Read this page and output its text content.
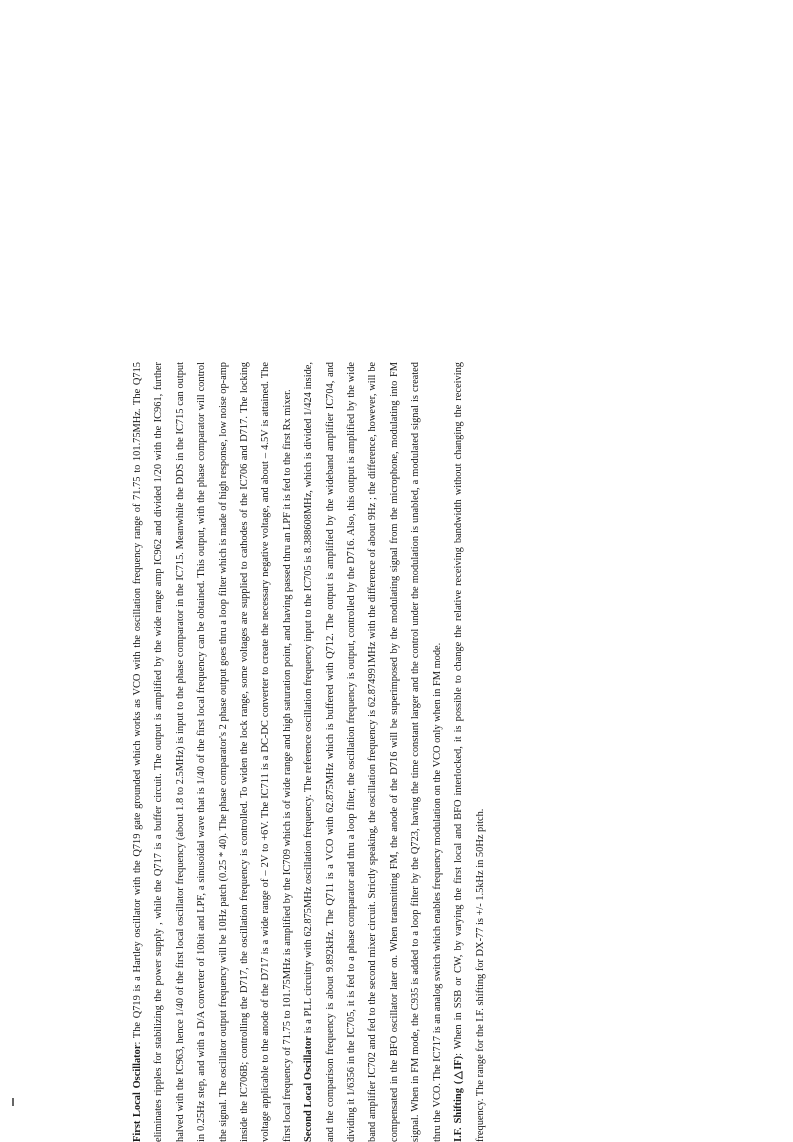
First Local Oscillator: The Q719 is a Hartley oscillator with the Q719 gate grounded which works as VCO with the oscillation frequency range of 71.75 to 101.75MHz. The Q715 eliminates ripples for stabilizing the power supply , while the Q717 is a buffer circuit. The output is amplified by the wide range amp IC962 and divided 1/20 with the IC961, further halved with the IC963, hence 1/40 of the first local oscillator frequency (about 1.8 to 2.5MHz) is input to the phase comparator in the IC715. Meanwhile the DDS in the IC715 can output in 0.25Hz step, and with a D/A converter of 10bit and LPF, a sinusoidal wave that is 1/40 of the first local frequency can be obtained. This output, with the phase comparator will control the signal. The oscillator output frequency will be 10Hz patch (0.25 * 40). The phase comparator's 2 phase output goes thru a loop filter which is made of high response, low noise op-amp inside the IC706B; controlling the D717, the oscillation frequency is controlled. To widen the lock range, some voltages are supplied to cathodes of the IC706 and D717. The locking voltage applicable to the anode of the D717 is a wide range of – 2V to +6V. The IC711 is a DC-DC converter to create the necessary negative voltage, and about – 4.5V is attained. The first local frequency of 71.75 to 101.75MHz is amplified by the IC709 which is of wide range and high saturation point, and having passed thru an LPF it is fed to the first Rx mixer.	Second Local Oscillator is a PLL circuitry with 62.875MHz oscillation frequency. The reference oscillation frequency input to the IC705 is 8.388608MHz, which is divided 1/424 inside, and the comparison frequency is about 9.892kHz. The Q711 is a VCO with 62.875MHz which is buffered with Q712. The output is amplified by the wideband amplifier IC704, and dividing it 1/6356 in the IC705, it is fed to a phase comparator and thru a loop filter, the oscillation frequency is output, controlled by the D716. Also, this output is amplified by the wide band amplifier IC702 and fed to the second mixer circuit. Strictly speaking, the oscillation frequency is 62.874991MHz with the difference of about 9Hz ; the difference, however, will be compensated in the BFO oscillator later on. When transmitting FM, the anode of the D716 will be superimposed by the modulating signal from the microphone, modulating into FM signal. When in FM mode, the C935 is added to a loop filter by the Q723, having the time constant larger and the control under the modulation is unabled, a modulated signal is created thru the VCO. The IC717 is an analog switch which enables frequency modulation on the VCO only when in FM mode.	I.F. Shifting (△IF): When in SSB or CW, by varying the first local and BFO interlocked, it is possible to change the relative receiving bandwidth without changing the receiving frequency. The range for the I.F. shifting for DX-77 is +/- 1.5kHz in 50Hz pitch.
